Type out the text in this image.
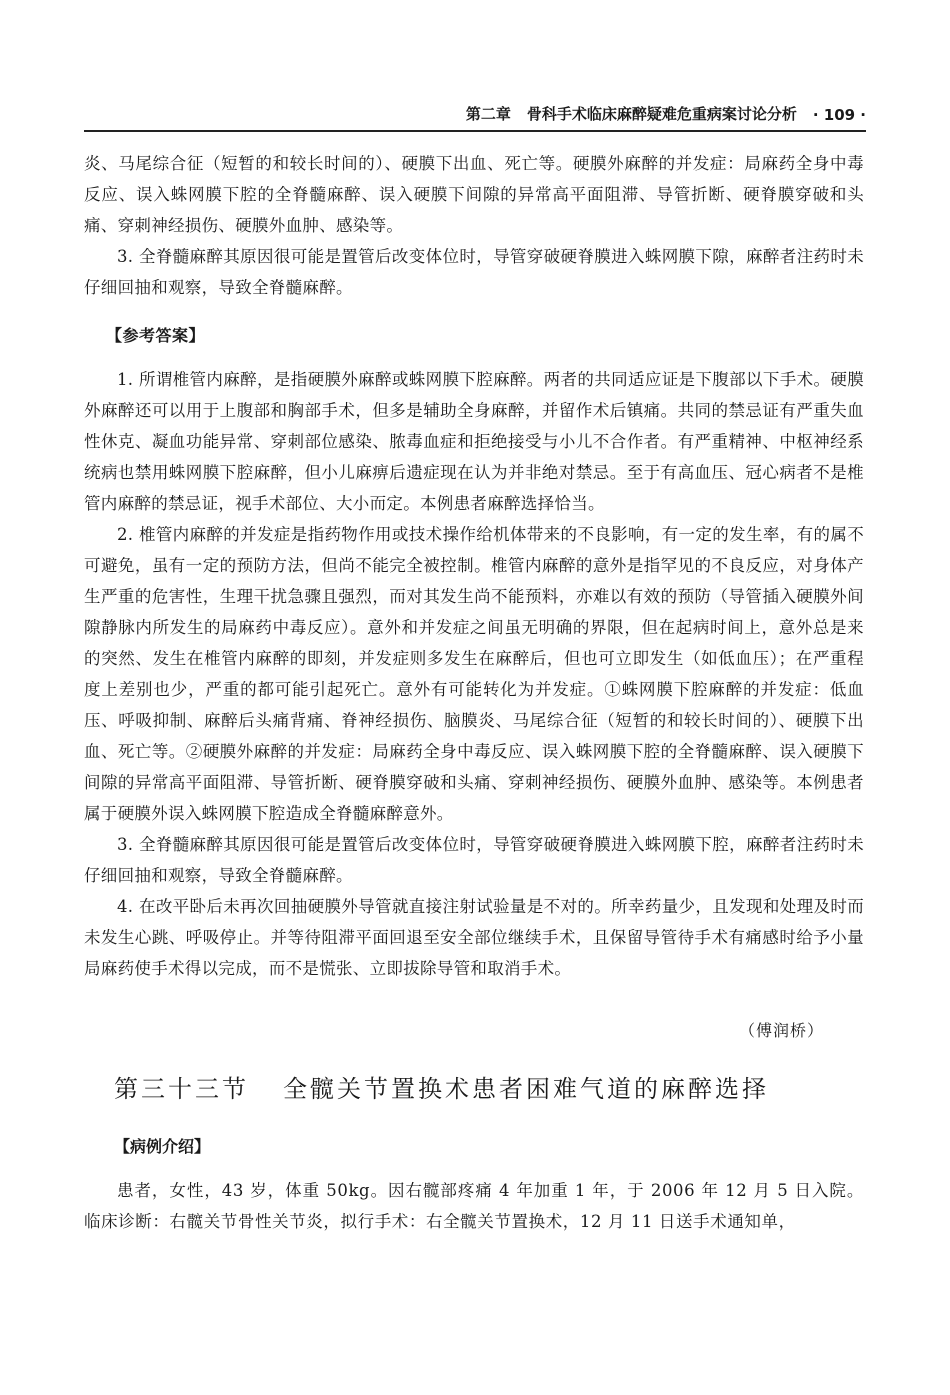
第二章 骨科手术临床麻醉疑难危重病案讨论分析 · 109 ·

炎、马尾综合征（短暂的和较长时间的）、硬膜下出血、死亡等。硬膜外麻醉的并发症：局麻药全身中毒反应、误入蛛网膜下腔的全脊髓麻醉、误入硬膜下间隙的异常高平面阻滞、导管折断、硬脊膜穿破和头痛、穿刺神经损伤、硬膜外血肿、感染等。

3. 全脊髓麻醉其原因很可能是置管后改变体位时，导管穿破硬脊膜进入蛛网膜下隙，麻醉者注药时未仔细回抽和观察，导致全脊髓麻醉。

【参考答案】

1. 所谓椎管内麻醉，是指硬膜外麻醉或蛛网膜下腔麻醉。两者的共同适应证是下腹部以下手术。硬膜外麻醉还可以用于上腹部和胸部手术，但多是辅助全身麻醉，并留作术后镇痛。共同的禁忌证有严重失血性休克、凝血功能异常、穿刺部位感染、脓毒血症和拒绝接受与小儿不合作者。有严重精神、中枢神经系统病也禁用蛛网膜下腔麻醉，但小儿麻痹后遗症现在认为并非绝对禁忌。至于有高血压、冠心病者不是椎管内麻醉的禁忌证，视手术部位、大小而定。本例患者麻醉选择恰当。

2. 椎管内麻醉的并发症是指药物作用或技术操作给机体带来的不良影响，有一定的发生率，有的属不可避免，虽有一定的预防方法，但尚不能完全被控制。椎管内麻醉的意外是指罕见的不良反应，对身体产生严重的危害性，生理干扰急骤且强烈，而对其发生尚不能预料，亦难以有效的预防（导管插入硬膜外间隙静脉内所发生的局麻药中毒反应）。意外和并发症之间虽无明确的界限，但在起病时间上，意外总是来的突然、发生在椎管内麻醉的即刻，并发症则多发生在麻醉后，但也可立即发生（如低血压）；在严重程度上差别也少，严重的都可能引起死亡。意外有可能转化为并发症。①蛛网膜下腔麻醉的并发症：低血压、呼吸抑制、麻醉后头痛背痛、脊神经损伤、脑膜炎、马尾综合征（短暂的和较长时间的）、硬膜下出血、死亡等。②硬膜外麻醉的并发症：局麻药全身中毒反应、误入蛛网膜下腔的全脊髓麻醉、误入硬膜下间隙的异常高平面阻滞、导管折断、硬脊膜穿破和头痛、穿刺神经损伤、硬膜外血肿、感染等。本例患者属于硬膜外误入蛛网膜下腔造成全脊髓麻醉意外。

3. 全脊髓麻醉其原因很可能是置管后改变体位时，导管穿破硬脊膜进入蛛网膜下腔，麻醉者注药时未仔细回抽和观察，导致全脊髓麻醉。

4. 在改平卧后未再次回抽硬膜外导管就直接注射试验量是不对的。所幸药量少，且发现和处理及时而未发生心跳、呼吸停止。并等待阻滞平面回退至安全部位继续手术，且保留导管待手术有痛感时给予小量局麻药使手术得以完成，而不是慌张、立即拔除导管和取消手术。

（傅润桥）
第三十三节 全髋关节置换术患者困难气道的麻醉选择
【病例介绍】

患者，女性，43 岁，体重 50kg。因右髋部疼痛 4 年加重 1 年，于 2006 年 12 月 5 日入院。临床诊断：右髋关节骨性关节炎，拟行手术：右全髋关节置换术，12 月 11 日送手术通知单，
